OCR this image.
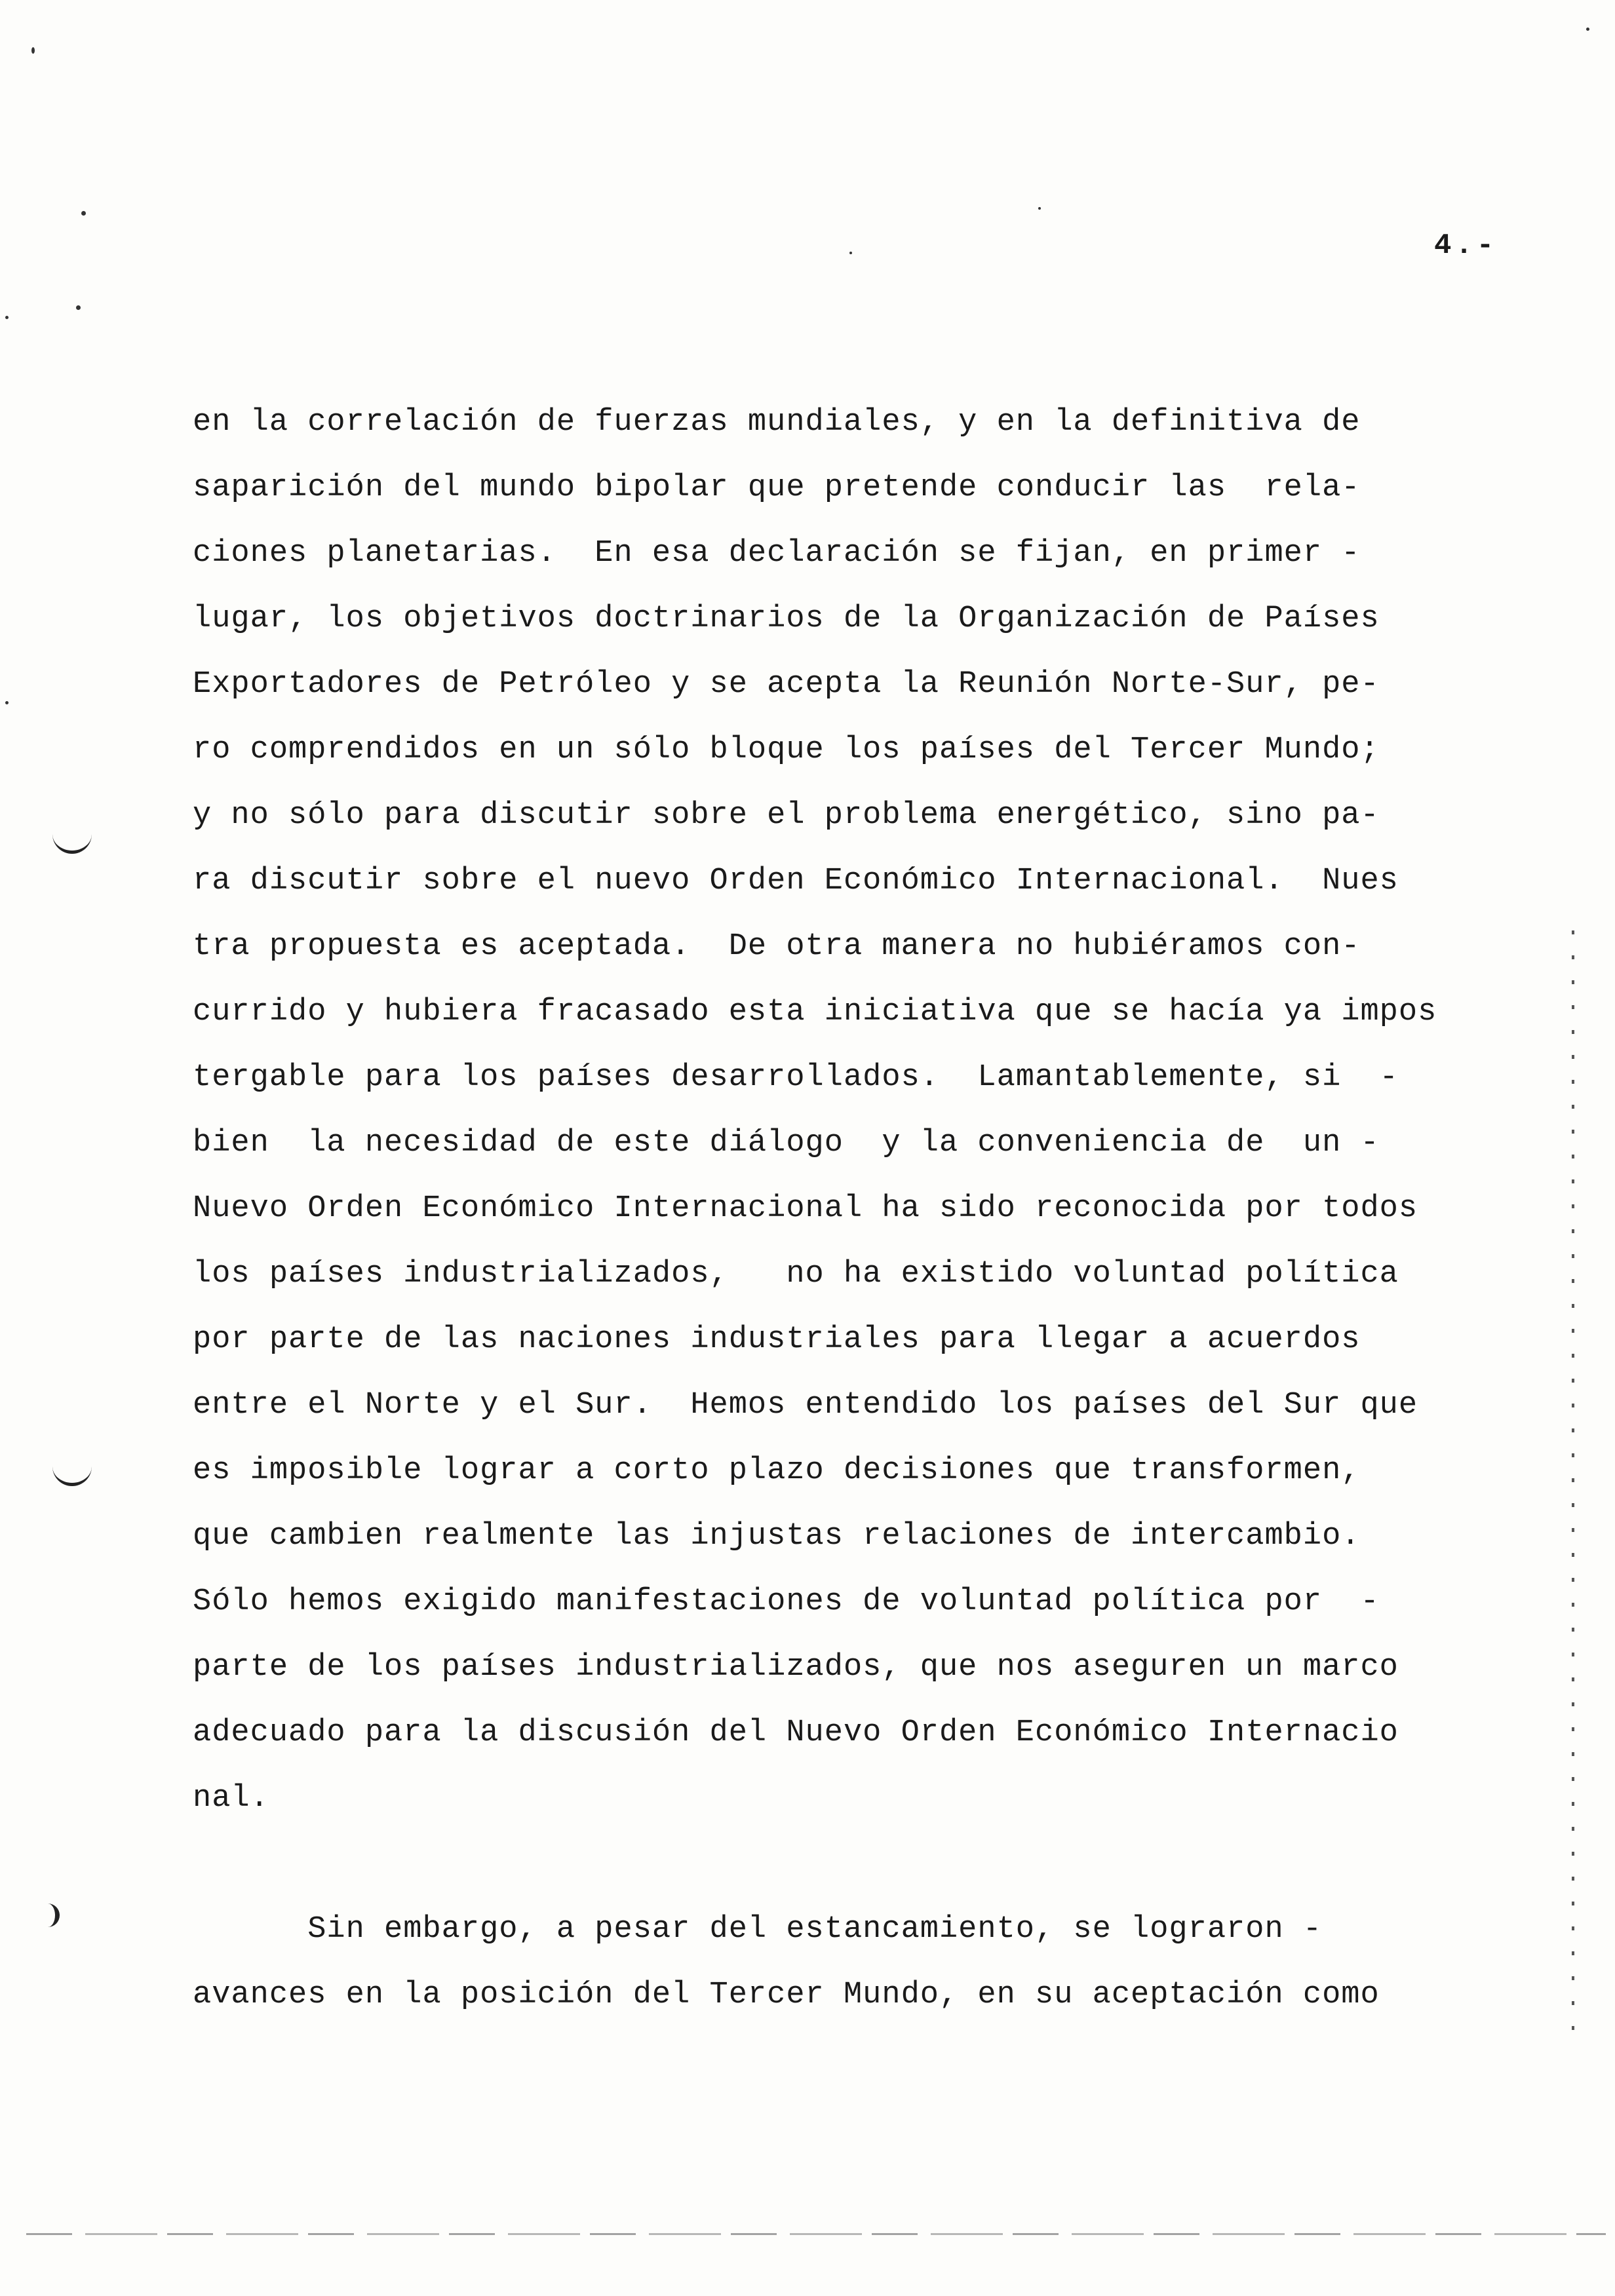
4.-
en la correlación de fuerzas mundiales, y en la definitiva de
saparición del mundo bipolar que pretende conducir las  rela-
ciones planetarias.  En esa declaración se fijan, en primer -
lugar, los objetivos doctrinarios de la Organización de Países
Exportadores de Petróleo y se acepta la Reunión Norte-Sur, pe-
ro comprendidos en un sólo bloque los países del Tercer Mundo;
y no sólo para discutir sobre el problema energético, sino pa-
ra discutir sobre el nuevo Orden Económico Internacional.  Nues
tra propuesta es aceptada.  De otra manera no hubiéramos con-
currido y hubiera fracasado esta iniciativa que se hacía ya impos
tergable para los países desarrollados.  Lamantablemente, si  -
bien  la necesidad de este diálogo  y la conveniencia de  un -
Nuevo Orden Económico Internacional ha sido reconocida por todos
los países industrializados,   no ha existido voluntad política
por parte de las naciones industriales para llegar a acuerdos
entre el Norte y el Sur.  Hemos entendido los países del Sur que
es imposible lograr a corto plazo decisiones que transformen,
que cambien realmente las injustas relaciones de intercambio.
Sólo hemos exigido manifestaciones de voluntad política por  -
parte de los países industrializados, que nos aseguren un marco
adecuado para la discusión del Nuevo Orden Económico Internacio
nal.
Sin embargo, a pesar del estancamiento, se lograron -
avances en la posición del Tercer Mundo, en su aceptación como
